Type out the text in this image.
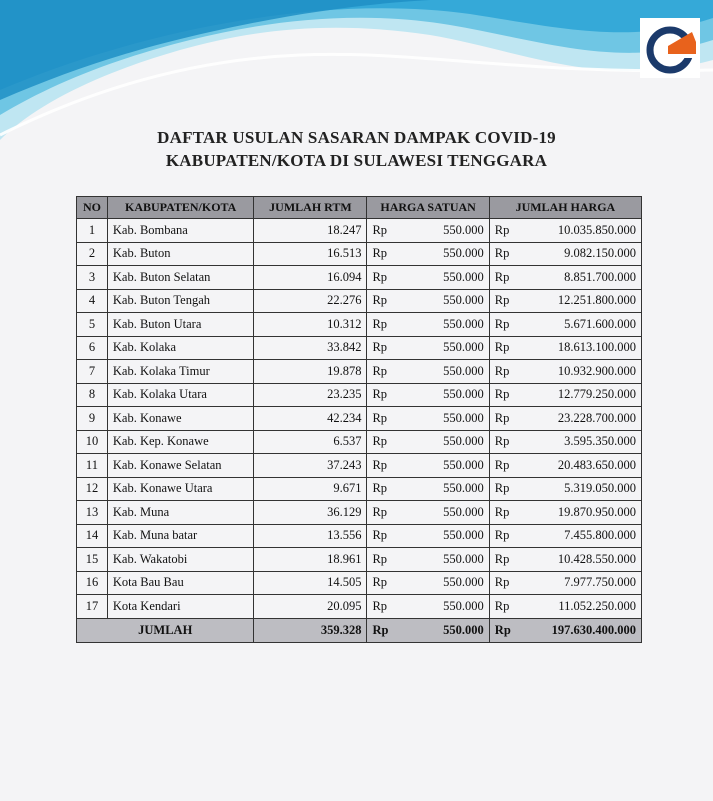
DAFTAR USULAN SASARAN DAMPAK COVID-19
KABUPATEN/KOTA DI SULAWESI TENGGARA
NO	KABUPATEN/KOTA	JUMLAH RTM	HARGA SATUAN		JUMLAH HARGA	
1	Kab. Bombana	18.247	Rp	550.000	Rp	10.035.850.000
2	Kab. Buton	16.513	Rp	550.000	Rp	9.082.150.000
3	Kab. Buton Selatan	16.094	Rp	550.000	Rp	8.851.700.000
4	Kab. Buton Tengah	22.276	Rp	550.000	Rp	12.251.800.000
5	Kab. Buton Utara	10.312	Rp	550.000	Rp	5.671.600.000
6	Kab. Kolaka	33.842	Rp	550.000	Rp	18.613.100.000
7	Kab. Kolaka Timur	19.878	Rp	550.000	Rp	10.932.900.000
8	Kab. Kolaka Utara	23.235	Rp	550.000	Rp	12.779.250.000
9	Kab. Konawe	42.234	Rp	550.000	Rp	23.228.700.000
10	Kab. Kep. Konawe	6.537	Rp	550.000	Rp	3.595.350.000
11	Kab. Konawe Selatan	37.243	Rp	550.000	Rp	20.483.650.000
12	Kab. Konawe Utara	9.671	Rp	550.000	Rp	5.319.050.000
13	Kab. Muna	36.129	Rp	550.000	Rp	19.870.950.000
14	Kab. Muna batar	13.556	Rp	550.000	Rp	7.455.800.000
15	Kab. Wakatobi	18.961	Rp	550.000	Rp	10.428.550.000
16	Kota Bau Bau	14.505	Rp	550.000	Rp	7.977.750.000
17	Kota Kendari	20.095	Rp	550.000	Rp	11.052.250.000
JUMLAH		359.328	Rp	550.000	Rp	197.630.400.000
